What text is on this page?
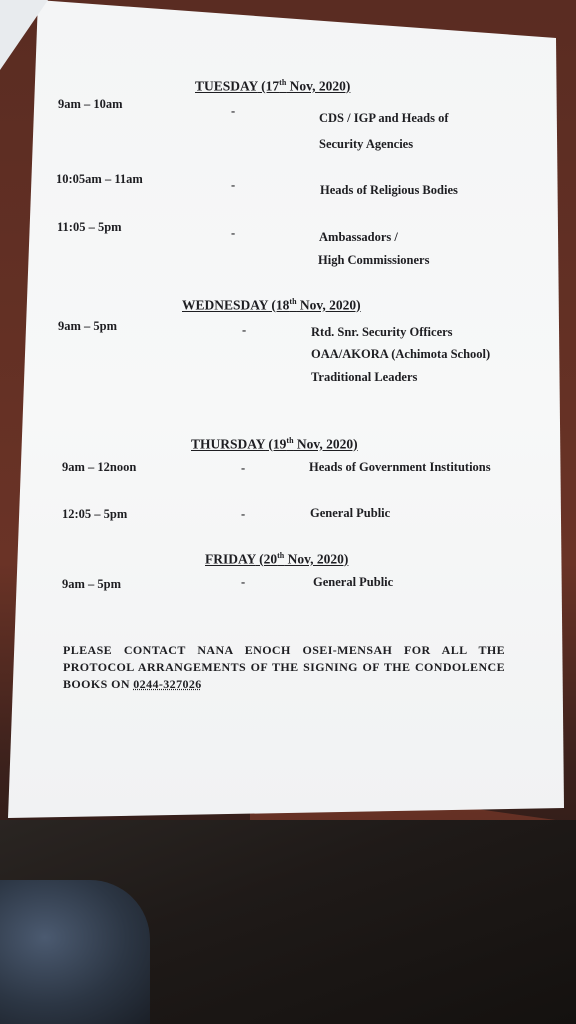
TUESDAY (17th Nov, 2020)
9am – 10am	-	CDS / IGP and Heads of
Security Agencies
10:05am – 11am	-	Heads of Religious Bodies
11:05 – 5pm	-	Ambassadors /
High Commissioners
WEDNESDAY (18th Nov, 2020)
9am – 5pm	-	Rtd. Snr. Security Officers
OAA/AKORA (Achimota School)
Traditional Leaders
THURSDAY (19th Nov, 2020)
9am – 12noon	-	Heads of Government Institutions
12:05 – 5pm	-	General Public
FRIDAY (20th Nov, 2020)
9am – 5pm	-	General Public
PLEASE CONTACT NANA ENOCH OSEI-MENSAH FOR ALL THE PROTOCOL ARRANGEMENTS OF THE SIGNING OF THE CONDOLENCE BOOKS ON 0244-327026
